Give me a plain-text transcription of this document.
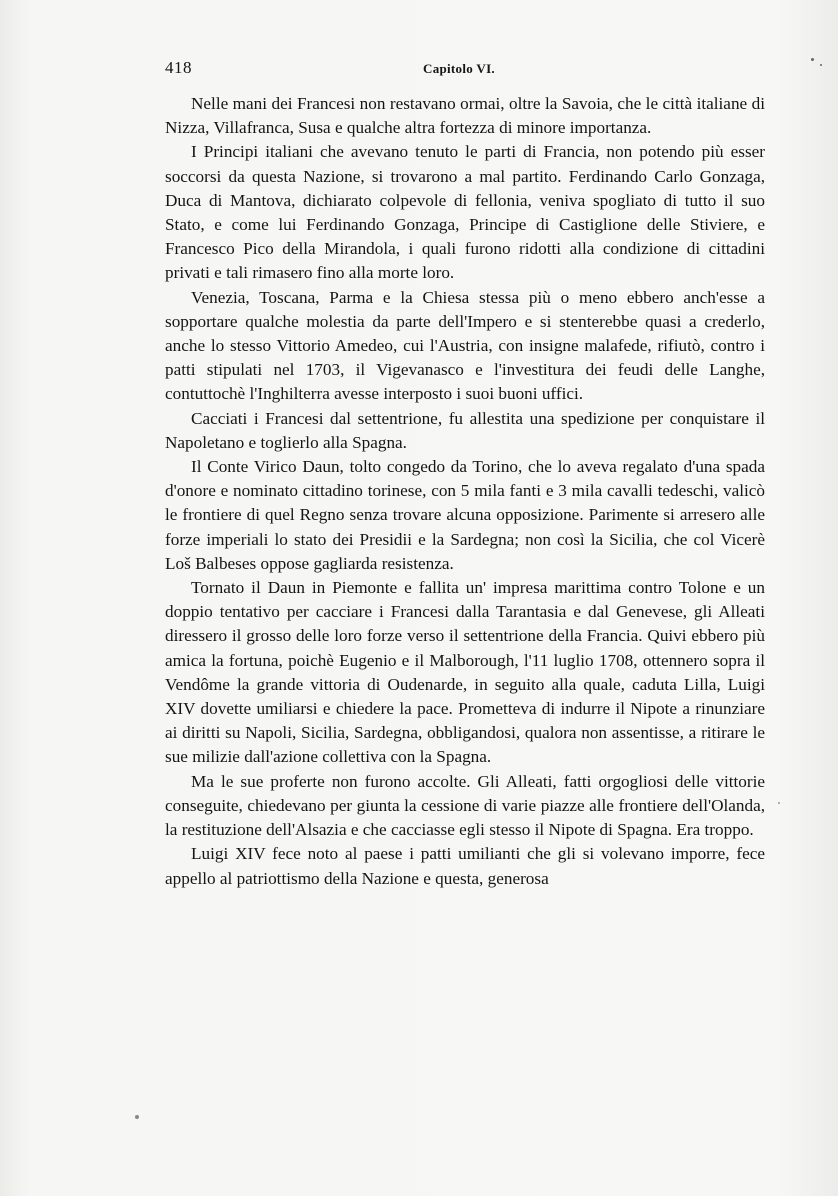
418	Capitolo VI.

Nelle mani dei Francesi non restavano ormai, oltre la Savoia, che le città italiane di Nizza, Villafranca, Susa e qualche altra fortezza di minore importanza.

I Principi italiani che avevano tenuto le parti di Francia, non potendo più esser soccorsi da questa Nazione, si trovarono a mal partito. Ferdinando Carlo Gonzaga, Duca di Mantova, dichiarato colpevole di fellonia, veniva spogliato di tutto il suo Stato, e come lui Ferdinando Gonzaga, Principe di Castiglione delle Stiviere, e Francesco Pico della Mirandola, i quali furono ridotti alla condizione di cittadini privati e tali rimasero fino alla morte loro.

Venezia, Toscana, Parma e la Chiesa stessa più o meno ebbero anch'esse a sopportare qualche molestia da parte dell'Impero e si stenterebbe quasi a crederlo, anche lo stesso Vittorio Amedeo, cui l'Austria, con insigne malafede, rifiutò, contro i patti stipulati nel 1703, il Vigevanasco e l'investitura dei feudi delle Langhe, contuttochè l'Inghilterra avesse interposto i suoi buoni uffici.

Cacciati i Francesi dal settentrione, fu allestita una spedizione per conquistare il Napoletano e toglierlo alla Spagna.

Il Conte Virico Daun, tolto congedo da Torino, che lo aveva regalato d'una spada d'onore e nominato cittadino torinese, con 5 mila fanti e 3 mila cavalli tedeschi, valicò le frontiere di quel Regno senza trovare alcuna opposizione. Parimente si arresero alle forze imperiali lo stato dei Presidii e la Sardegna; non così la Sicilia, che col Vicerè Loš Balbeses oppose gagliarda resistenza.

Tornato il Daun in Piemonte e fallita un' impresa marittima contro Tolone e un doppio tentativo per cacciare i Francesi dalla Tarantasia e dal Genevese, gli Alleati diressero il grosso delle loro forze verso il settentrione della Francia. Quivi ebbero più amica la fortuna, poichè Eugenio e il Malborough, l'11 luglio 1708, ottennero sopra il Vendôme la grande vittoria di Oudenarde, in seguito alla quale, caduta Lilla, Luigi XIV dovette umiliarsi e chiedere la pace. Prometteva di indurre il Nipote a rinunziare ai diritti su Napoli, Sicilia, Sardegna, obbligandosi, qualora non assentisse, a ritirare le sue milizie dall'azione collettiva con la Spagna.

Ma le sue proferte non furono accolte. Gli Alleati, fatti orgogliosi delle vittorie conseguite, chiedevano per giunta la cessione di varie piazze alle frontiere dell'Olanda, la restituzione dell'Alsazia e che cacciasse egli stesso il Nipote di Spagna. Era troppo.

Luigi XIV fece noto al paese i patti umilianti che gli si volevano imporre, fece appello al patriottismo della Nazione e questa, generosa
